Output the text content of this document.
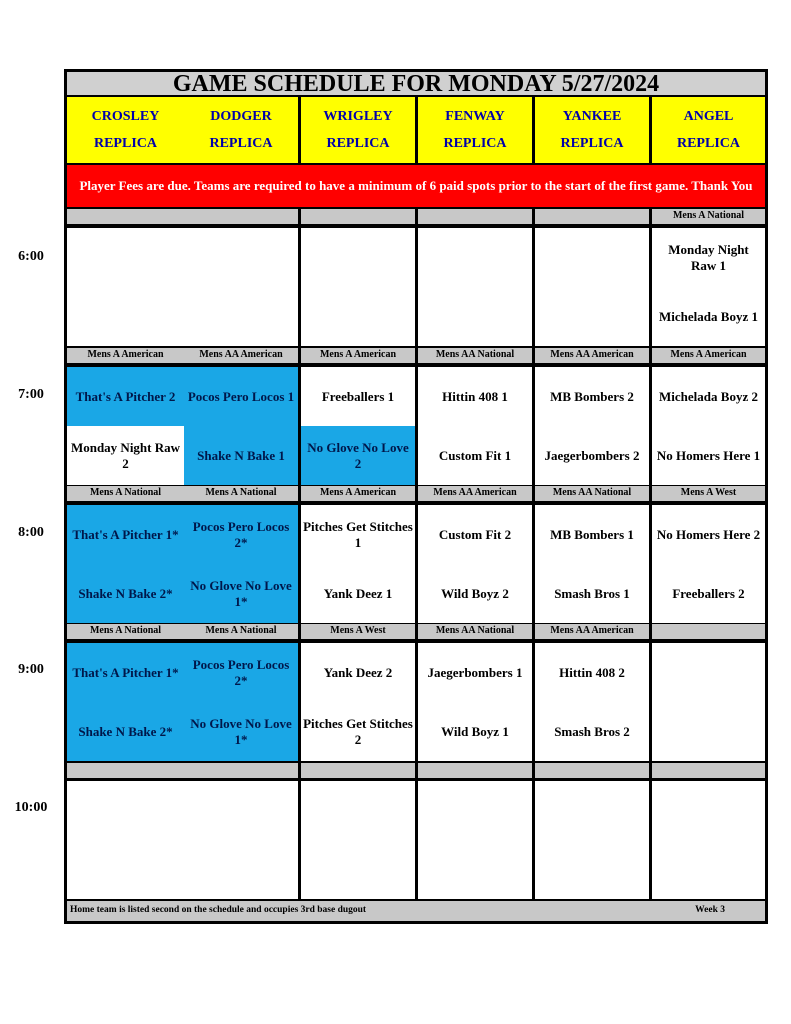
6:00
7:00
8:00
9:00
10:00
GAME SCHEDULE FOR MONDAY 5/27/2024
CROSLEY
REPLICA
DODGER
REPLICA
WRIGLEY
REPLICA
FENWAY
REPLICA
YANKEE
REPLICA
ANGEL
REPLICA
Player Fees are due. Teams are required to have a minimum of 6 paid spots prior to the start of the first game. Thank You
Mens A National
Monday Night Raw 1
Michelada Boyz 1
Mens A American
That's A Pitcher 2
Monday Night Raw 2
Mens AA American
Pocos Pero Locos 1
Shake N Bake 1
Mens A American
Freeballers 1
No Glove No Love 2
Mens AA National
Hittin 408 1
Custom Fit 1
Mens AA American
MB Bombers 2
Jaegerbombers 2
Mens A American
Michelada Boyz 2
No Homers Here 1
Mens A National
That's A Pitcher 1*
Shake N Bake 2*
Mens A National
Pocos Pero Locos 2*
No Glove No Love 1*
Mens A American
Pitches Get Stitches 1
Yank Deez 1
Mens AA American
Custom Fit 2
Wild Boyz 2
Mens AA National
MB Bombers 1
Smash Bros 1
Mens A West
No Homers Here 2
Freeballers 2
Mens A National
That's A Pitcher 1*
Shake N Bake 2*
Mens A National
Pocos Pero Locos 2*
No Glove No Love 1*
Mens A West
Yank Deez 2
Pitches Get Stitches 2
Mens AA National
Jaegerbombers 1
Wild Boyz 1
Mens AA American
Hittin 408 2
Smash Bros 2
Home team is listed second on the schedule and occupies 3rd base dugout	Week 3
